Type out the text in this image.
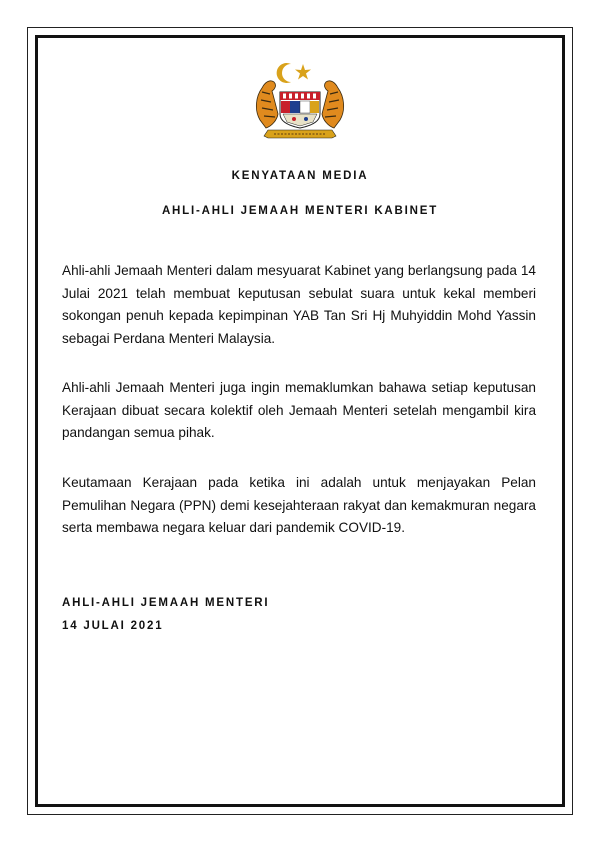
KENYATAAN MEDIA

AHLI-AHLI JEMAAH MENTERI KABINET

Ahli-ahli Jemaah Menteri dalam mesyuarat Kabinet yang berlangsung pada 14 Julai 2021 telah membuat keputusan sebulat suara untuk kekal memberi sokongan penuh kepada kepimpinan YAB Tan Sri Hj Muhyiddin Mohd Yassin sebagai Perdana Menteri Malaysia.

Ahli-ahli Jemaah Menteri juga ingin memaklumkan bahawa setiap keputusan Kerajaan dibuat secara kolektif oleh Jemaah Menteri setelah mengambil kira pandangan semua pihak.

Keutamaan Kerajaan pada ketika ini adalah untuk menjayakan Pelan Pemulihan Negara (PPN) demi kesejahteraan rakyat dan kemakmuran negara serta membawa negara keluar dari pandemik COVID-19.

AHLI-AHLI JEMAAH MENTERI

14 JULAI 2021
